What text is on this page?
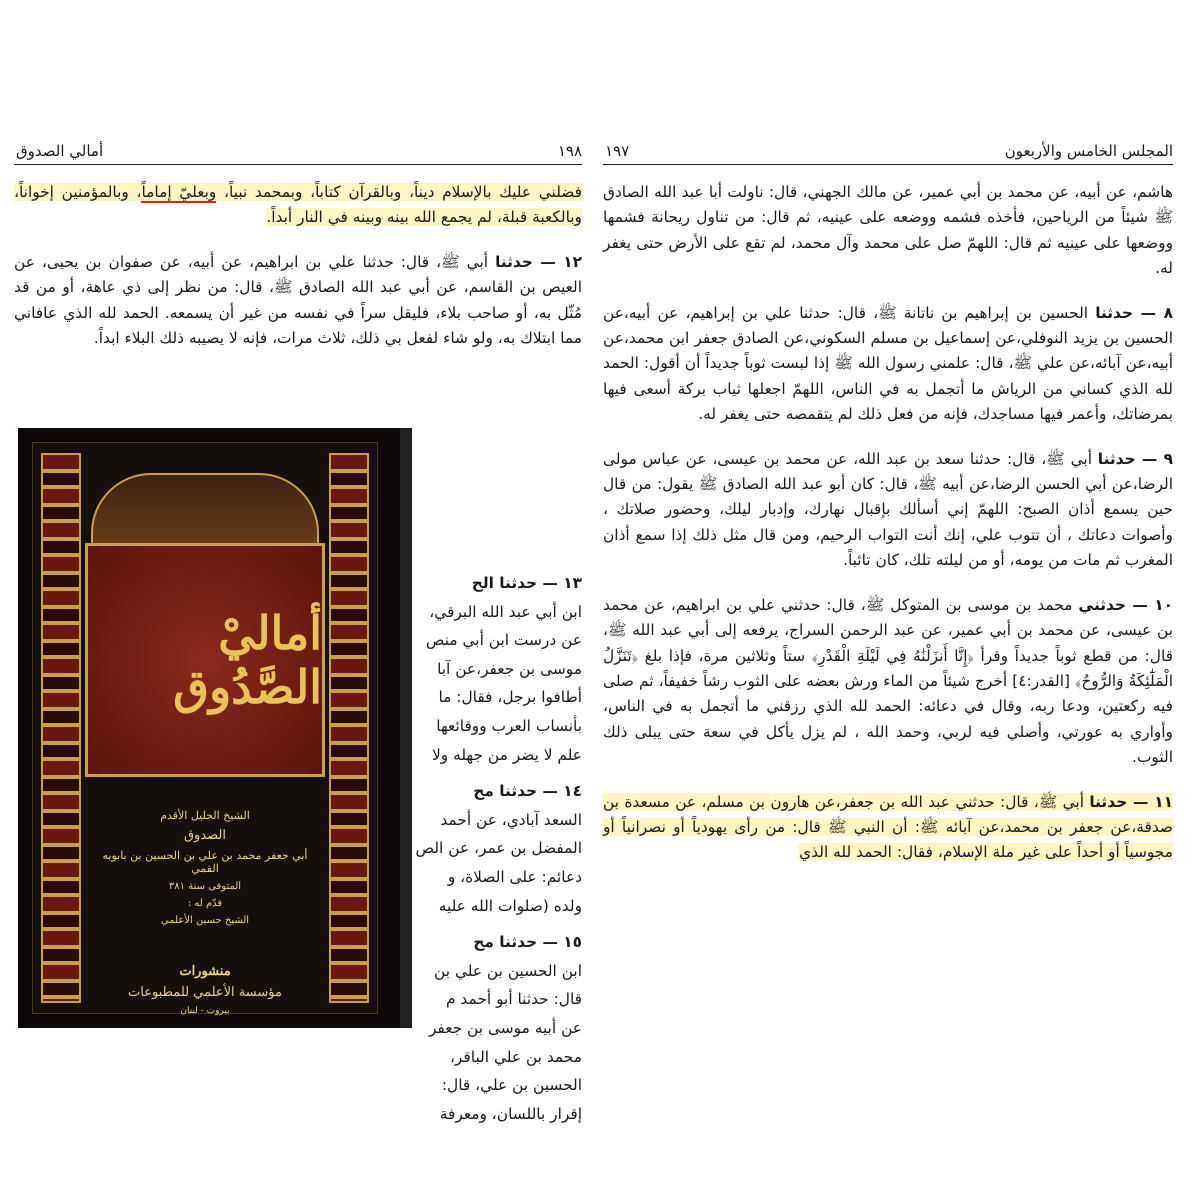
المجلس الخامس والأربعون
١٩٧

هاشم، عن أبيه، عن محمد بن أبي عمير، عن مالك الجهني، قال: ناولت أبا عبد الله الصادق ﷺ شيئاً من الرياحين، فأخذه فشمه ووضعه على عينيه، ثم قال: من تناول ريحانة فشمها ووضعها على عينيه ثم قال: اللهمّ صل على محمد وآل محمد، لم تقع على الأرض حتى يغفر له.

٨ — حدثنا الحسين بن إبراهيم بن ناتانة ﷺ، قال: حدثنا علي بن إبراهيم، عن أبيه،عن الحسين بن يزيد النوفلي،عن إسماعيل بن مسلم السكوني،عن الصادق جعفر ابن محمد،عن أبيه،عن آبائه،عن علي ﷺ، قال: علمني رسول الله ﷺ إذا لبست ثوباً جديداً أن أقول: الحمد لله الذي كساني من الرياش ما أتجمل به في الناس، اللهمّ اجعلها ثياب بركة أسعى فيها بمرضاتك، وأعمر فيها مساجدك، فإنه من فعل ذلك لم يتقمصه حتى يغفر له.

٩ — حدثنا أبي ﷺ، قال: حدثنا سعد بن عبد الله، عن محمد بن عيسى، عن عباس مولى الرضا،عن أبي الحسن الرضا،عن أبيه ﷺ، قال: كان أبو عبد الله الصادق ﷺ يقول: من قال حين يسمع أذان الصبح: اللهمّ إني أسألك بإقبال نهارك، وإدبار ليلك، وحضور صلاتك ، وأصوات دعاتك ، أن تتوب علي، إنك أنت التواب الرحيم، ومن قال مثل ذلك إذا سمع أذان المغرب ثم مات من يومه، أو من ليلته تلك، كان تائباً.

١٠ — حدثني محمد بن موسى بن المتوكل ﷺ، قال: حدثني علي بن ابراهيم، عن محمد بن عيسى، عن محمد بن أبي عمير، عن عبد الرحمن السراج، يرفعه إلى أبي عبد الله ﷺ، قال: من قطع ثوباً جديداً وقرأ ﴿إِنَّا أَنزَلْنَٰهُ فِي لَيْلَةِ الْقَدْرِ﴾ ستاً وثلاثين مرة، فإذا بلغ ﴿تَنَزَّلُ الْمَلَٰٓئِكَةُ وَالرُّوحُ﴾ [القدر:٤] أخرج شيئاً من الماء ورش بعضه على الثوب رشاً خفيفاً، ثم صلى فيه ركعتين، ودعا ربه، وقال في دعائه: الحمد لله الذي رزقني ما أتجمل به في الناس، وأواري به عورتي، وأصلي فيه لربي، وحمد الله ، لم يزل يأكل في سعة حتى يبلى ذلك الثوب.

١١ — حدثنا أبي ﷺ، قال: حدثني عبد الله بن جعفر،عن هارون بن مسلم، عن مسعدة بن صدقة،عن جعفر بن محمد،عن آبائه ﷺ: أن النبي ﷺ قال: من رأى يهودياً أو نصرانياً أو مجوسياً أو أحداً على غير ملة الإسلام، فقال: الحمد لله الذي

١٩٨
أمالي الصدوق

فضلني عليك بالإسلام ديناً، وبالقرآن كتاباً، وبمحمد نبياً، وبعليّ إماماً، وبالمؤمنين إخواناً، وبالكعبة قبلة، لم يجمع الله بينه وبينه في النار أبداً.

١٢ — حدثنا أبي ﷺ، قال: حدثنا علي بن ابراهيم، عن أبيه، عن صفوان بن يحيى، عن العيص بن القاسم، عن أبي عبد الله الصادق ﷺ، قال: من نظر إلى ذي عاهة، أو من قد مُثّل به، أو صاحب بلاء، فليقل سراً في نفسه من غير أن يسمعه. الحمد لله الذي عافاني مما ابتلاك به، ولو شاء لفعل بي ذلك، ثلاث مرات، فإنه لا يصيبه ذلك البلاء ابداً.

١٣ — حدثنا الح
ابن أبي عبد الله البرقي،
عن درست ابن أبي منص
موسى بن جعفر،عن آبا
أطافوا برجل، فقال: ما
بأنساب العرب ووقائعها
علم لا يضر من جهله ولا
١٤ — حدثنا مح
السعد آبادي، عن أحمد
المفضل بن عمر، عن الص
دعائم: على الصلاة، و
ولده (صلوات الله عليه
١٥ — حدثنا مح
ابن الحسين بن علي بن
قال: حدثنا أبو أحمد م
عن أبيه موسى بن جعفر
محمد بن علي الباقر،
الحسين بن علي، قال:
إقرار باللسان، ومعرفة
أماليْ الصَّدُوق
الشيخ الجليل الأقدم
الصدوق
أبي جعفر محمد بن علي بن الحسين بن بابويه القمي
المتوفى سنة ٣٨١
قدّم له :
الشيخ حسين الأعلمي
منشورات
مؤسسة الأعلمي للمطبوعات
بيروت - لبنان
